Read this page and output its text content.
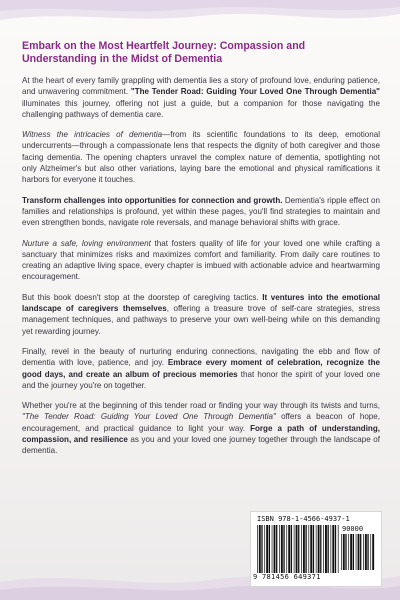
Embark on the Most Heartfelt Journey: Compassion and Understanding in the Midst of Dementia

At the heart of every family grappling with dementia lies a story of profound love, enduring patience, and unwavering commitment. "The Tender Road: Guiding Your Loved One Through Dementia" illuminates this journey, offering not just a guide, but a companion for those navigating the challenging pathways of dementia care.

Witness the intricacies of dementia—from its scientific foundations to its deep, emotional undercurrents—through a compassionate lens that respects the dignity of both caregiver and those facing dementia. The opening chapters unravel the complex nature of dementia, spotlighting not only Alzheimer's but also other variations, laying bare the emotional and physical ramifications it harbors for everyone it touches.

Transform challenges into opportunities for connection and growth. Dementia's ripple effect on families and relationships is profound, yet within these pages, you'll find strategies to maintain and even strengthen bonds, navigate role reversals, and manage behavioral shifts with grace.

Nurture a safe, loving environment that fosters quality of life for your loved one while crafting a sanctuary that minimizes risks and maximizes comfort and familiarity. From daily care routines to creating an adaptive living space, every chapter is imbued with actionable advice and heartwarming encouragement.

But this book doesn't stop at the doorstep of caregiving tactics. It ventures into the emotional landscape of caregivers themselves, offering a treasure trove of self-care strategies, stress management techniques, and pathways to preserve your own well-being while on this demanding yet rewarding journey.

Finally, revel in the beauty of nurturing enduring connections, navigating the ebb and flow of dementia with love, patience, and joy. Embrace every moment of celebration, recognize the good days, and create an album of precious memories that honor the spirit of your loved one and the journey you're on together.

Whether you're at the beginning of this tender road or finding your way through its twists and turns, "The Tender Road: Guiding Your Loved One Through Dementia" offers a beacon of hope, encouragement, and practical guidance to light your way. Forge a path of understanding, compassion, and resilience as you and your loved one journey together through the landscape of dementia.

ISBN 978-1-4566-4937-1
90000
9 781456 649371
